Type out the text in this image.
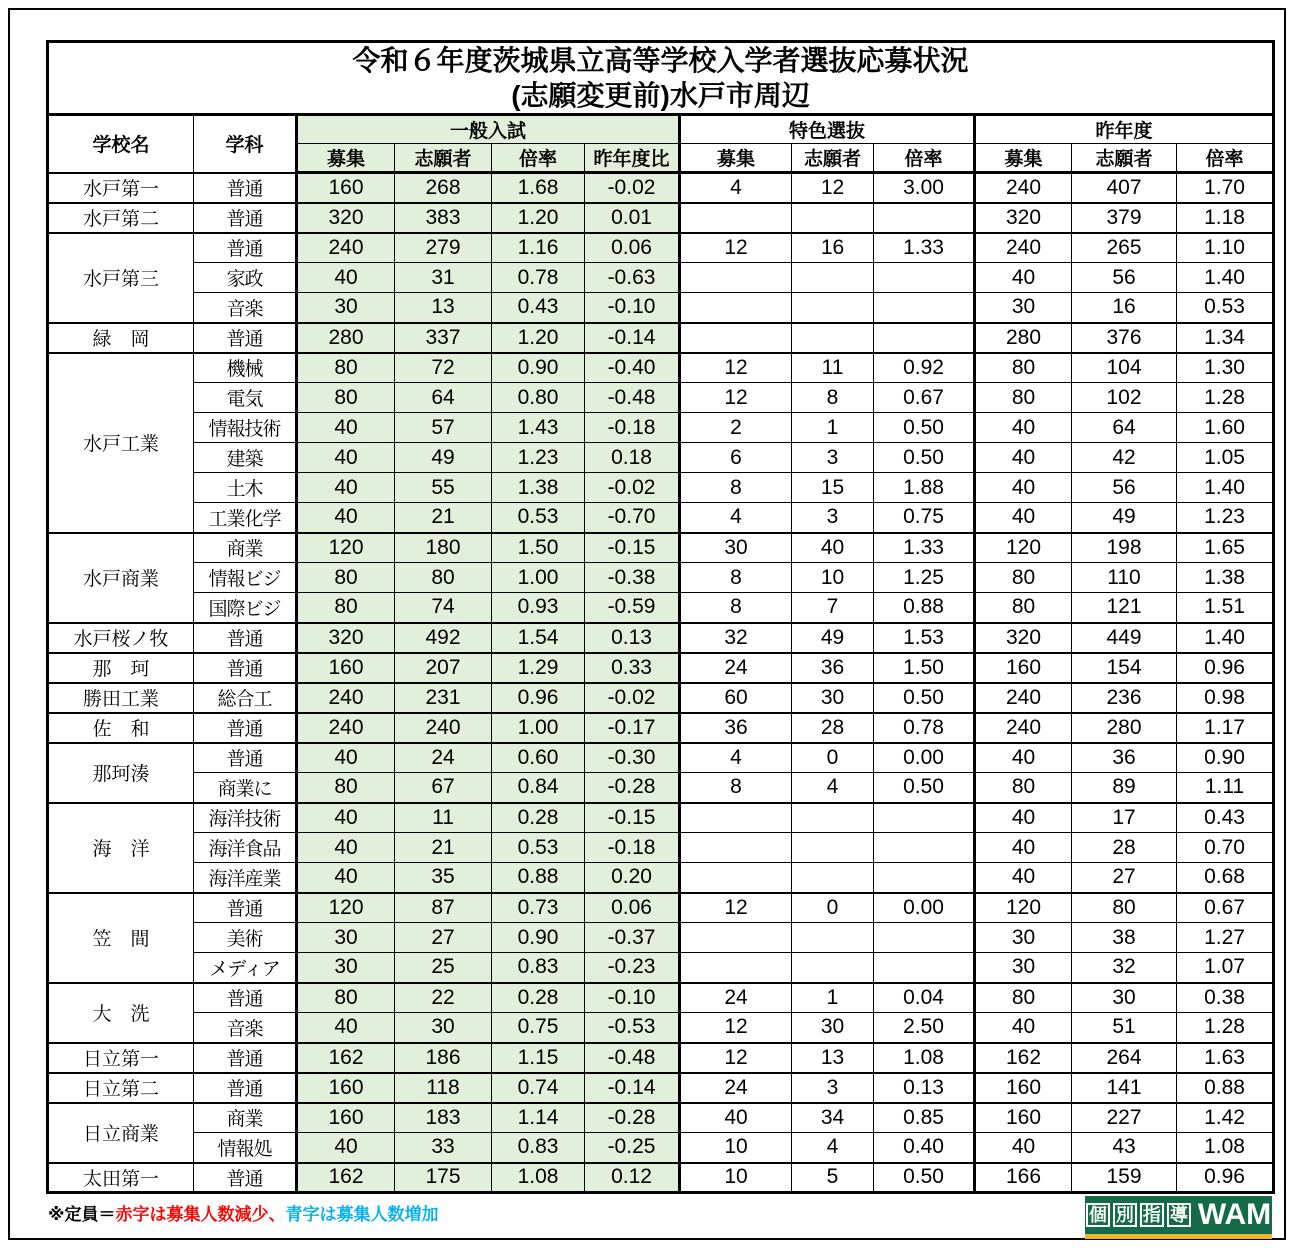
令和６年度茨城県立高等学校入学者選抜応募状況
(志願変更前)水戸市周辺											

学校名	学科	一般入試				特色選抜			昨年度		
		募集	志願者	倍率	昨年度比	募集	志願者	倍率	募集	志願者	倍率
水戸第一	普通	160	268	1.68	-0.02	4	12	3.00	240	407	1.70
水戸第二	普通	320	383	1.20	0.01				320	379	1.18
水戸第三	普通	240	279	1.16	0.06	12	16	1.33	240	265	1.10
	家政	40	31	0.78	-0.63				40	56	1.40
	音楽	30	13	0.43	-0.10				30	16	0.53
緑　岡	普通	280	337	1.20	-0.14				280	376	1.34
水戸工業	機械	80	72	0.90	-0.40	12	11	0.92	80	104	1.30
	電気	80	64	0.80	-0.48	12	8	0.67	80	102	1.28
	情報技術	40	57	1.43	-0.18	2	1	0.50	40	64	1.60
	建築	40	49	1.23	0.18	6	3	0.50	40	42	1.05
	土木	40	55	1.38	-0.02	8	15	1.88	40	56	1.40
	工業化学	40	21	0.53	-0.70	4	3	0.75	40	49	1.23
水戸商業	商業	120	180	1.50	-0.15	30	40	1.33	120	198	1.65
	情報ビジ	80	80	1.00	-0.38	8	10	1.25	80	110	1.38
	国際ビジ	80	74	0.93	-0.59	8	7	0.88	80	121	1.51
水戸桜ノ牧	普通	320	492	1.54	0.13	32	49	1.53	320	449	1.40
那　珂	普通	160	207	1.29	0.33	24	36	1.50	160	154	0.96
勝田工業	総合工	240	231	0.96	-0.02	60	30	0.50	240	236	0.98
佐　和	普通	240	240	1.00	-0.17	36	28	0.78	240	280	1.17
那珂湊	普通	40	24	0.60	-0.30	4	0	0.00	40	36	0.90
	商業に	80	67	0.84	-0.28	8	4	0.50	80	89	1.11
海　洋	海洋技術	40	11	0.28	-0.15				40	17	0.43
	海洋食品	40	21	0.53	-0.18				40	28	0.70
	海洋産業	40	35	0.88	0.20				40	27	0.68
笠　間	普通	120	87	0.73	0.06	12	0	0.00	120	80	0.67
	美術	30	27	0.90	-0.37				30	38	1.27
	メディア	30	25	0.83	-0.23				30	32	1.07
大　洗	普通	80	22	0.28	-0.10	24	1	0.04	80	30	0.38
	音楽	40	30	0.75	-0.53	12	30	2.50	40	51	1.28
日立第一	普通	162	186	1.15	-0.48	12	13	1.08	162	264	1.63
日立第二	普通	160	118	0.74	-0.14	24	3	0.13	160	141	0.88
日立商業	商業	160	183	1.14	-0.28	40	34	0.85	160	227	1.42
	情報処	40	33	0.83	-0.25	10	4	0.40	40	43	1.08
太田第一	普通	162	175	1.08	0.12	10	5	0.50	166	159	0.96
※定員＝赤字は募集人数減少、青字は募集人数増加	個 別 指 導 WAM
